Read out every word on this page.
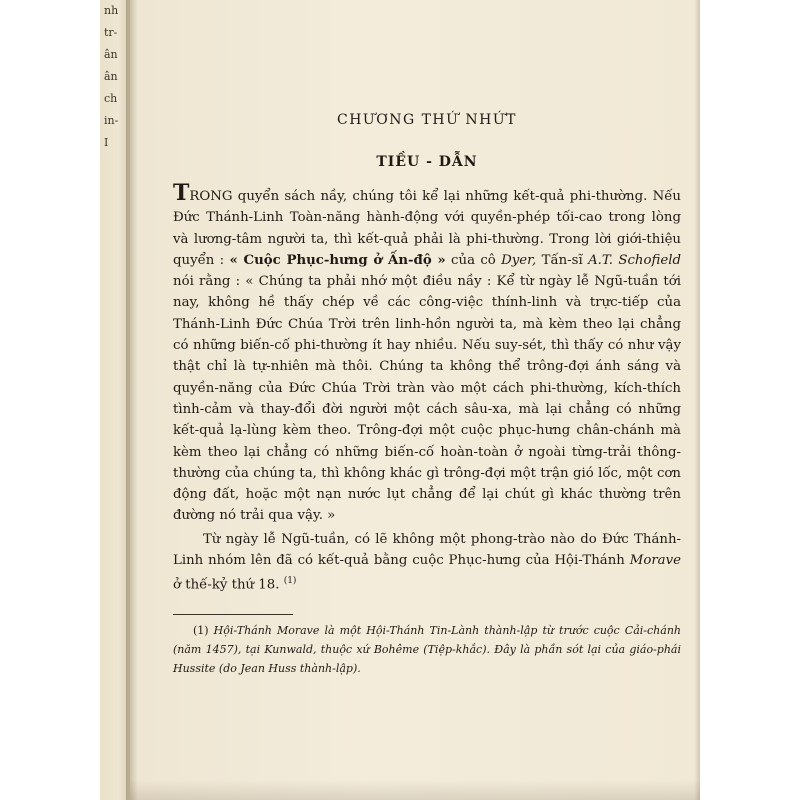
nh
tr-
ân
ân
ch
in-
I
CHƯƠNG THỨ NHỨT
TIỀU - DẪN

TRONG quyển sách nầy, chúng tôi kể lại những kết-quả phi-thường. Nếu Đức Thánh-Linh Toàn-năng hành-động với quyền-phép tối-cao trong lòng và lương-tâm người ta, thì kết-quả phải là phi-thường. Trong lời giới-thiệu quyển : « Cuộc Phục-hưng ở Ấn-độ » của cô Dyer, Tấn-sĩ A.T. Schofield nói rằng : « Chúng ta phải nhớ một điều nầy : Kể từ ngày lễ Ngũ-tuần tới nay, không hề thấy chép về các công-việc thính-linh và trực-tiếp của Thánh-Linh Đức Chúa Trời trên linh-hồn người ta, mà kèm theo lại chẳng có những biến-cố phi-thường ít hay nhiều. Nếu suy-sét, thì thấy có như vậy thật chỉ là tự-nhiên mà thôi. Chúng ta không thể trông-đợi ánh sáng và quyền-năng của Đức Chúa Trời tràn vào một cách phi-thường, kích-thích tình-cảm và thay-đổi đời người một cách sâu-xa, mà lại chẳng có những kết-quả lạ-lùng kèm theo. Trông-đợi một cuộc phục-hưng chân-chánh mà kèm theo lại chẳng có những biến-cố hoàn-toàn ở ngoài từng-trải thông-thường của chúng ta, thì không khác gì trông-đợi một trận gió lốc, một cơn động đất, hoặc một nạn nước lụt chẳng để lại chút gì khác thường trên đường nó trải qua vậy. »

Từ ngày lễ Ngũ-tuần, có lẽ không một phong-trào nào do Đức Thánh-Linh nhóm lên đã có kết-quả bằng cuộc Phục-hưng của Hội-Thánh Morave ở thế-kỷ thứ 18. $^{(1)}$

(1) Hội-Thánh Morave là một Hội-Thánh Tin-Lành thành-lập từ trước cuộc Cải-chánh (năm 1457), tại Kunwald, thuộc xứ Bohême (Tiệp-khắc). Đây là phần sót lại của giáo-phái Hussite (do Jean Huss thành-lập).
